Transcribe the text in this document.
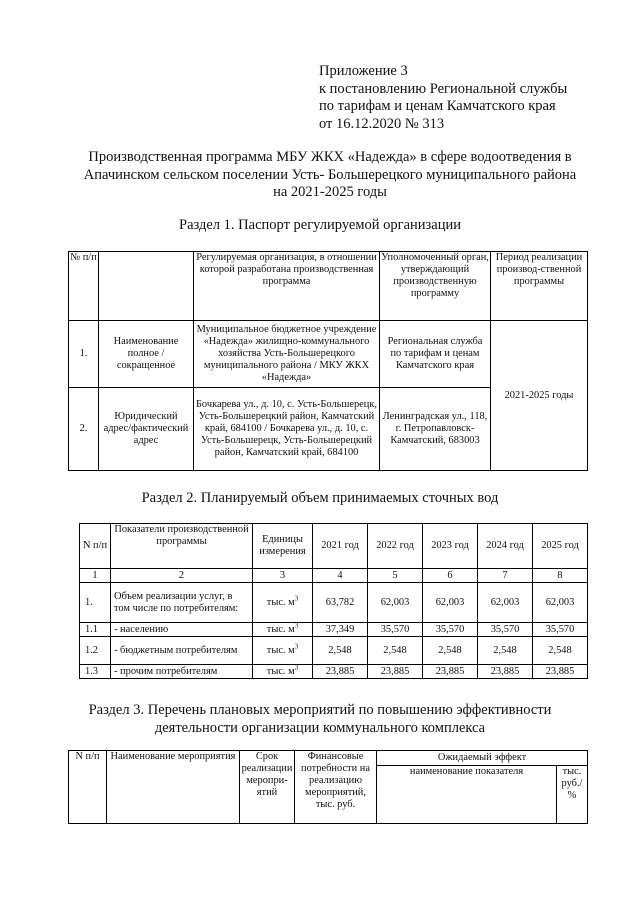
Приложение 3
к постановлению Региональной службы
по тарифам и ценам Камчатского края
от 16.12.2020 № 313
Производственная программа МБУ ЖКХ «Надежда» в сфере водоотведения в
Апачинском сельском поселении Усть- Большерецкого муниципального района
на 2021-2025 годы
Раздел 1. Паспорт регулируемой организации
№ п/п		Регулируемая организация, в отношении которой разработана производственная программа	Уполномоченный орган, утверждающий производственную программу	Период реализации производ-ственной программы
1.	Наименование полное / сокращенное	Муниципальное бюджетное учреждение «Надежда» жилищно-коммунального хозяйства Усть-Большерецкого муниципального района / МКУ ЖКХ «Надежда»	Региональная служба по тарифам и ценам Камчатского края	2021-2025 годы
2.	Юридический адрес/фактический адрес	Бочкарева ул., д. 10, с. Усть-Большерецк, Усть-Большерецкий район, Камчатский край, 684100 / Бочкарева ул., д. 10, с. Усть-Большерецк, Усть-Большерецкий район, Камчатский край, 684100	Ленинградская ул., 118, г. Петропавловск-Камчатский, 683003	
Раздел 2. Планируемый объем принимаемых сточных вод
N п/п	Показатели производственной программы	Единицы измерения	2021 год	2022 год	2023 год	2024 год	2025 год
1	2	3	4	5	6	7	8
1.	Объем реализации услуг, в том числе по потребителям:	тыс. $м^3$	63,782	62,003	62,003	62,003	62,003
1.1	- населению	тыс. $м^3$	37,349	35,570	35,570	35,570	35,570
1.2	- бюджетным потребителям	тыс. $м^3$	2,548	2,548	2,548	2,548	2,548
1.3	- прочим потребителям	тыс. $м^3$	23,885	23,885	23,885	23,885	23,885
Раздел 3. Перечень плановых мероприятий по повышению эффективности
деятельности организации коммунального комплекса
N п/п	Наименование мероприятия	Срок реализации меропри-ятий	Финансовые потребности на реализацию мероприятий, тыс. руб.	Ожидаемый эффект	
				наименование показателя	тыс. руб./ %
